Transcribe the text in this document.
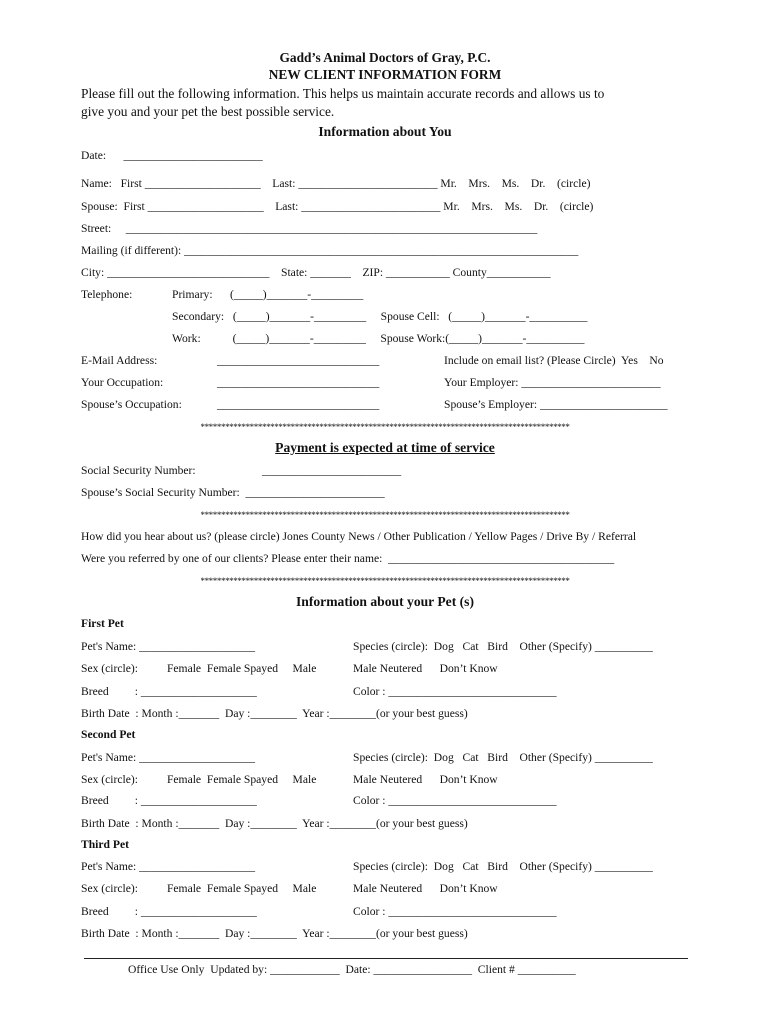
Gadd’s Animal Doctors of Gray, P.C.
NEW CLIENT INFORMATION FORM
Please fill out the following information. This helps us maintain accurate records and allows us to
give you and your pet the best possible service.
Information about You
Date:      ________________________
Name:   First ____________________    Last: ________________________ Mr.    Mrs.    Ms.    Dr.    (circle)
Spouse:  First ____________________    Last: ________________________ Mr.    Mrs.    Ms.    Dr.    (circle)
Street:     _______________________________________________________________________
Mailing (if different): ____________________________________________________________________
City: ____________________________    State: _______    ZIP: ___________ County___________
Telephone:	Primary:      (_____)_______-_________
Secondary:   (_____)_______-_________     Spouse Cell:   (_____)_______-__________
Work:           (_____)_______-_________     Spouse Work:(_____)_______-__________
E-Mail Address:	____________________________	Include on email list? (Please Circle)  Yes    No
Your Occupation:	____________________________	Your Employer: ________________________
Spouse’s Occupation:	____________________________	Spouse’s Employer: ______________________
******************************************************************************************
Payment is expected at time of service
Social Security Number:	________________________
Spouse’s Social Security Number:  ________________________
******************************************************************************************
How did you hear about us? (please circle) Jones County News / Other Publication / Yellow Pages / Drive By / Referral
Were you referred by one of our clients? Please enter their name:  _______________________________________
******************************************************************************************
Information about your Pet (s)
First Pet
Pet's Name: ____________________	Species (circle):  Dog   Cat   Bird    Other (Specify) __________
Sex (circle):          Female  Female Spayed     Male	Male Neutered      Don’t Know
Breed         : ____________________	Color : _____________________________
Birth Date  : Month :_______  Day :________  Year :________(or your best guess)
Second Pet
Pet's Name: ____________________	Species (circle):  Dog   Cat   Bird    Other (Specify) __________
Sex (circle):          Female  Female Spayed     Male	Male Neutered      Don’t Know
Breed         : ____________________	Color : _____________________________
Birth Date  : Month :_______  Day :________  Year :________(or your best guess)
Third Pet
Pet's Name: ____________________	Species (circle):  Dog   Cat   Bird    Other (Specify) __________
Sex (circle):          Female  Female Spayed     Male	Male Neutered      Don’t Know
Breed         : ____________________	Color : _____________________________
Birth Date  : Month :_______  Day :________  Year :________(or your best guess)
Office Use Only  Updated by: ____________  Date: _________________  Client # __________
